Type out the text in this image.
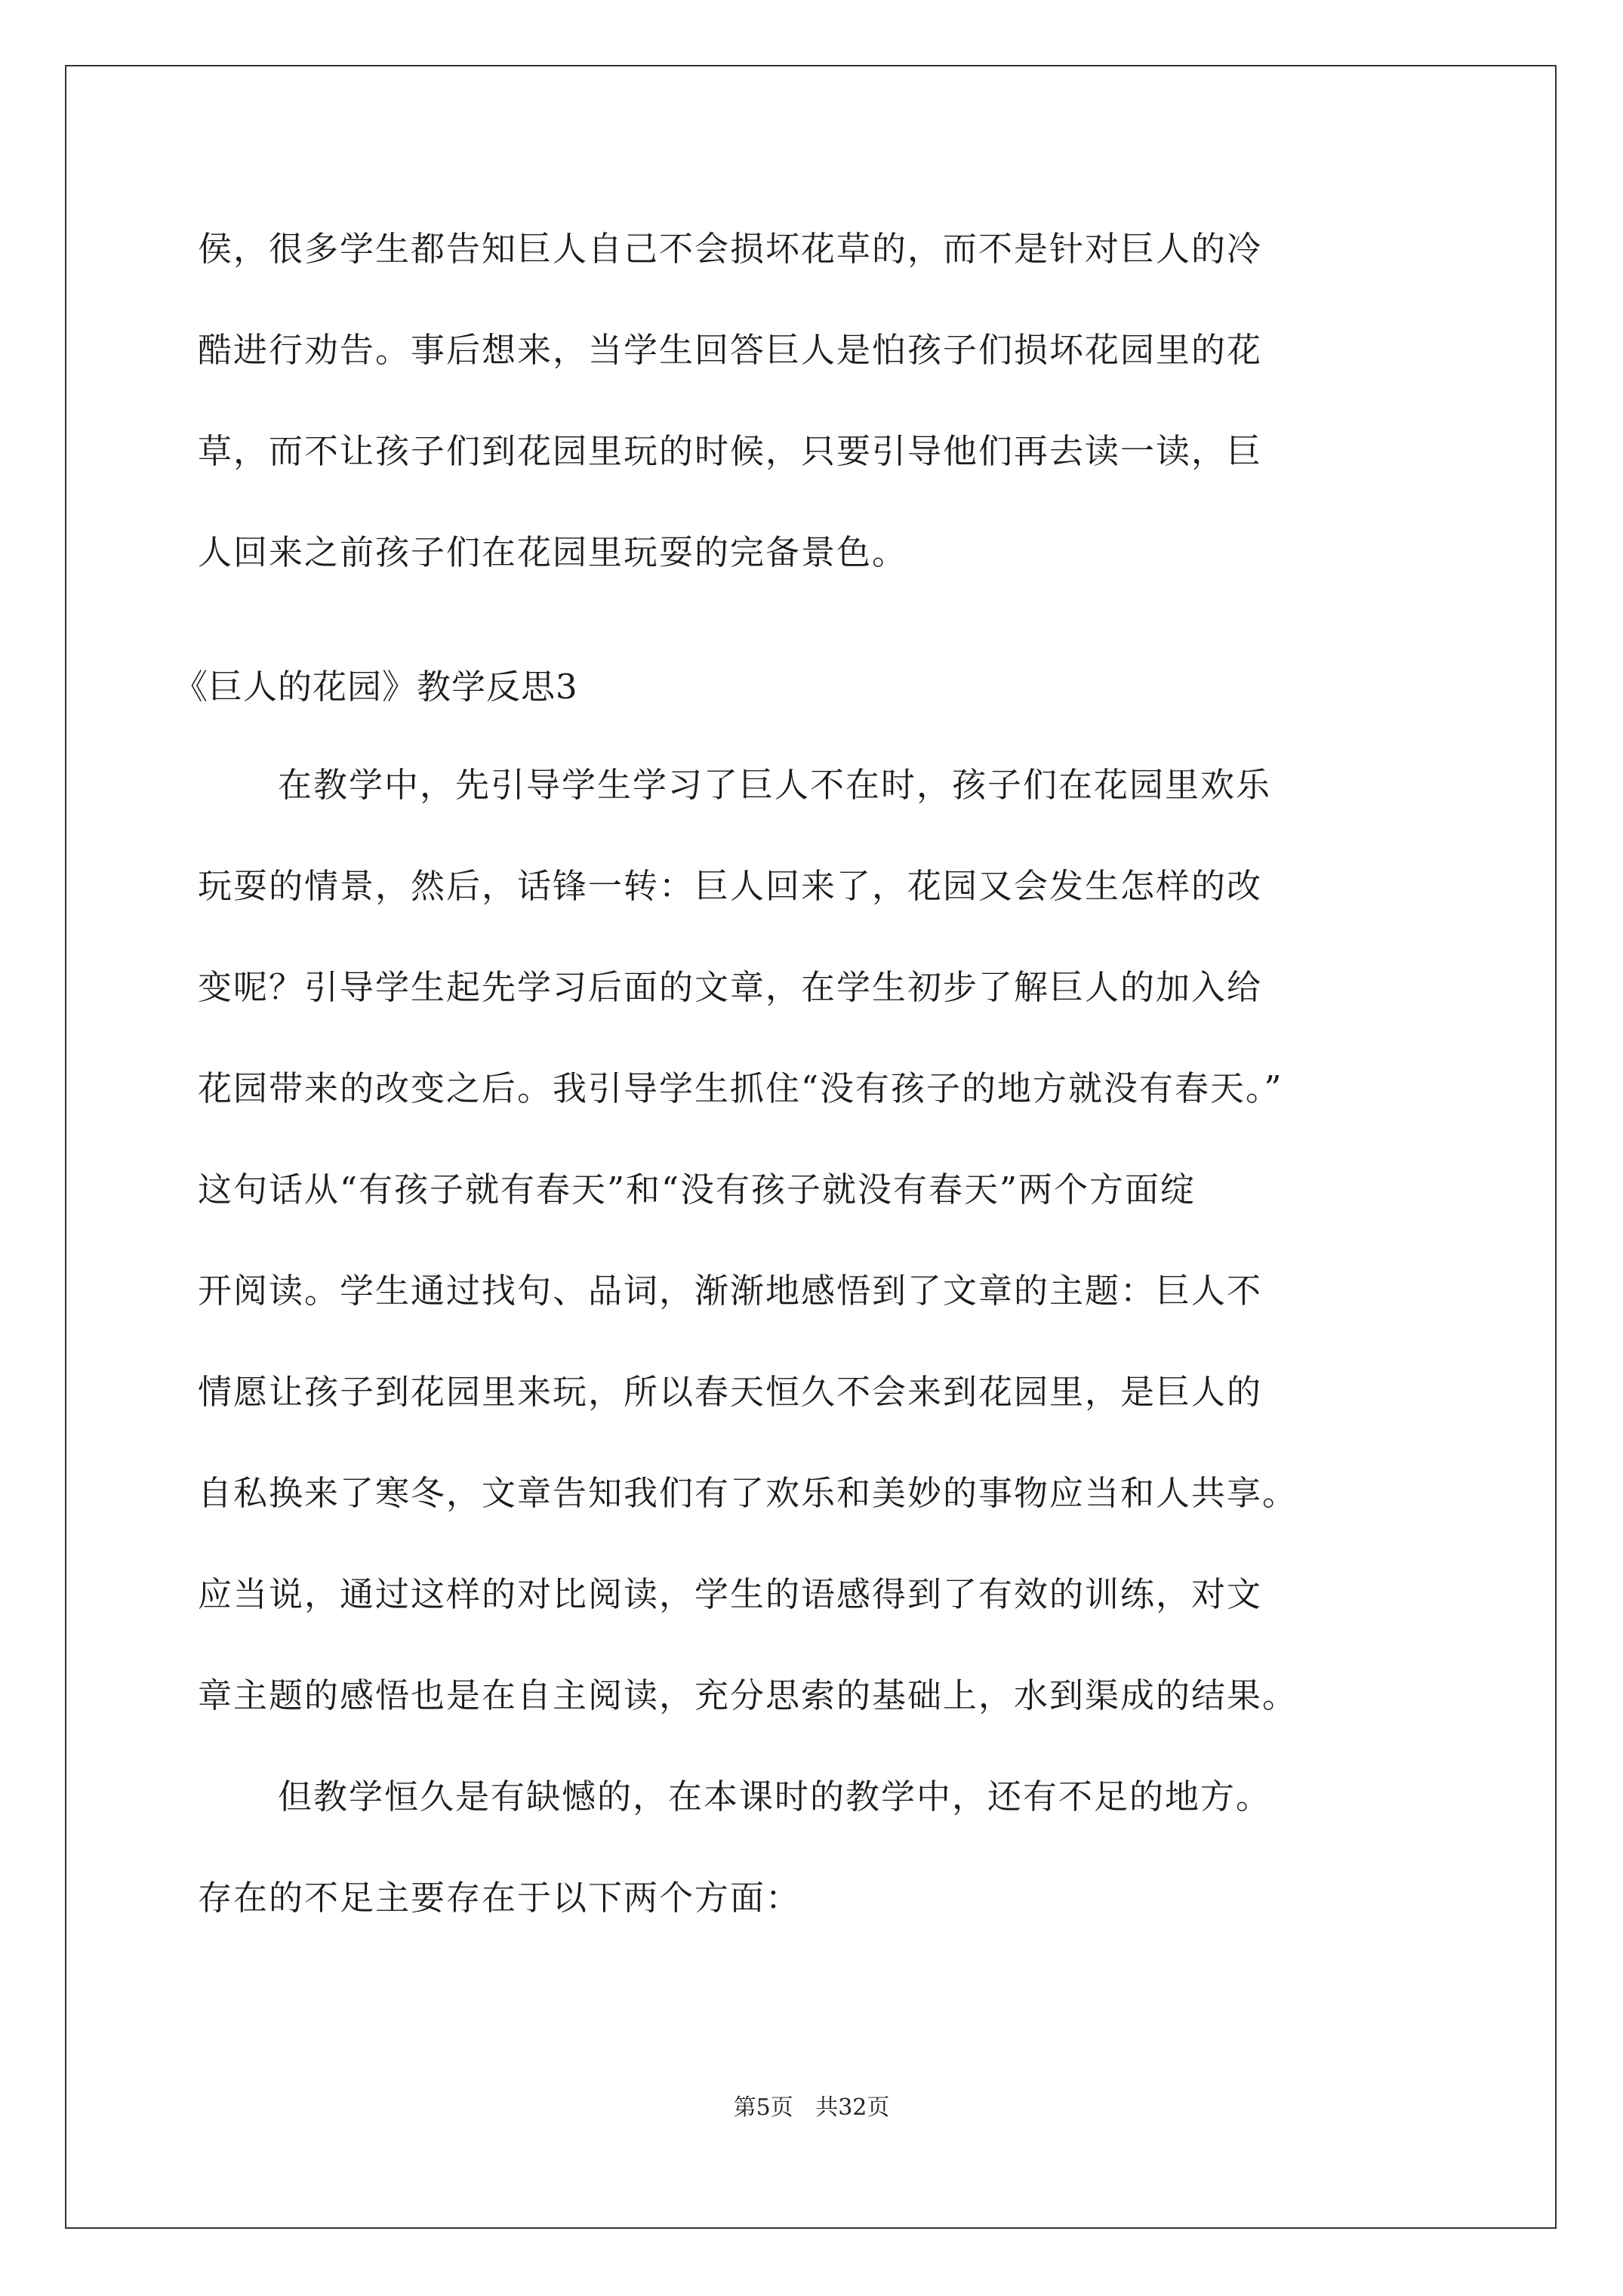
侯，很多学生都告知巨人自己不会损坏花草的，而不是针对巨人的冷
酷进行劝告。事后想来，当学生回答巨人是怕孩子们损坏花园里的花
草，而不让孩子们到花园里玩的时候，只要引导他们再去读一读，巨
人回来之前孩子们在花园里玩耍的完备景色。
《巨人的花园》教学反思3
在教学中，先引导学生学习了巨人不在时，孩子们在花园里欢乐
玩耍的情景，然后，话锋一转：巨人回来了，花园又会发生怎样的改
变呢？引导学生起先学习后面的文章，在学生初步了解巨人的加入给
花园带来的改变之后。我引导学生抓住“没有孩子的地方就没有春天。”
这句话从“有孩子就有春天”和“没有孩子就没有春天”两个方面绽
开阅读。学生通过找句、品词，渐渐地感悟到了文章的主题：巨人不
情愿让孩子到花园里来玩，所以春天恒久不会来到花园里，是巨人的
自私换来了寒冬，文章告知我们有了欢乐和美妙的事物应当和人共享。
应当说，通过这样的对比阅读，学生的语感得到了有效的训练，对文
章主题的感悟也是在自主阅读，充分思索的基础上，水到渠成的结果。
但教学恒久是有缺憾的，在本课时的教学中，还有不足的地方。
存在的不足主要存在于以下两个方面：
第5页 共32页
